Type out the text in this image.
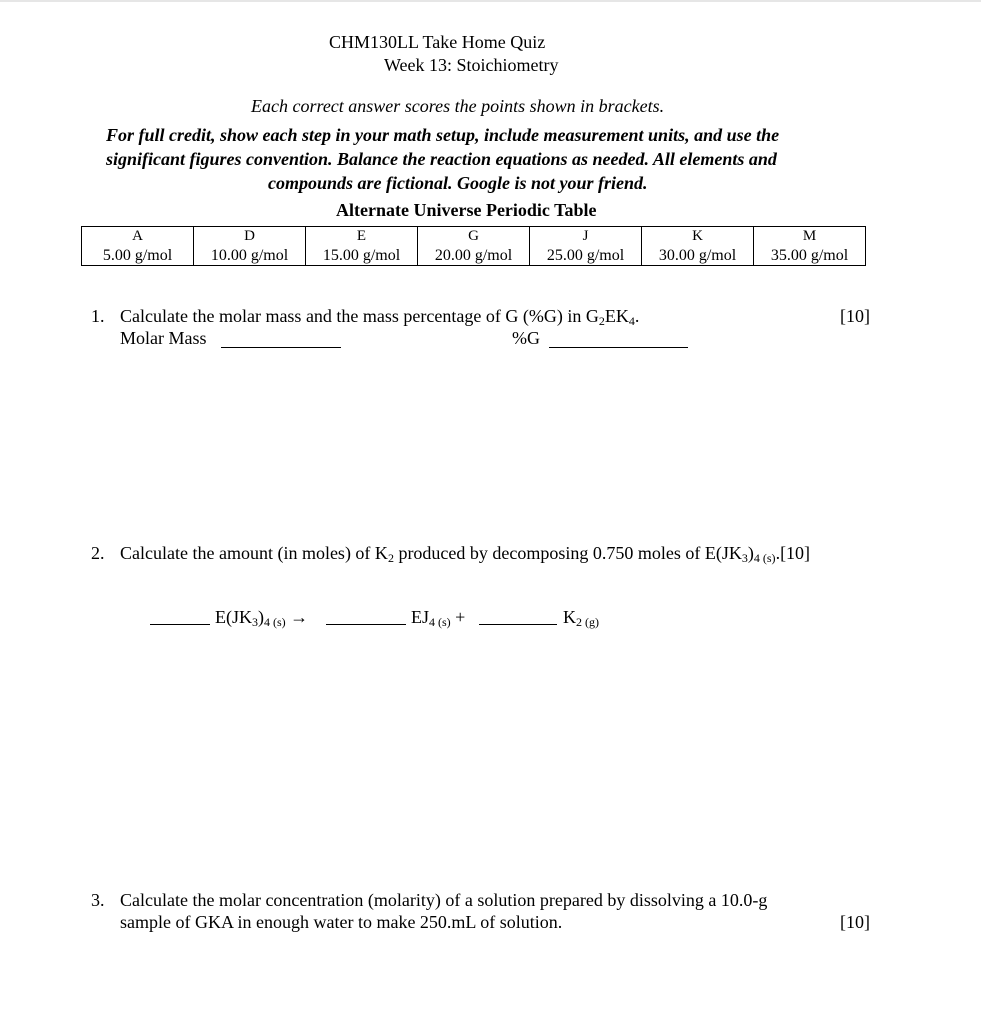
CHM130LL Take Home Quiz
Week 13: Stoichiometry
Each correct answer scores the points shown in brackets.
For full credit, show each step in your math setup, include measurement units, and use the
significant figures convention. Balance the reaction equations as needed. All elements and
compounds are fictional. Google is not your friend.
Alternate Universe Periodic Table
A	D	E	G	J	K	M
5.00 g/mol	10.00 g/mol	15.00 g/mol	20.00 g/mol	25.00 g/mol	30.00 g/mol	35.00 g/mol
1. Calculate the molar mass and the mass percentage of G (%G) in $G_2EK_4$.	[10]
Molar Mass	%G
2. Calculate the amount (in moles) of $K_2$ produced by decomposing 0.750 moles of $E(JK_3)_{4 (s)}.[10]$
$E(JK_3)_{4 (s)}$ →	$EJ_{4 (s)}$ +	$K_{2 (g)}$
3. Calculate the molar concentration (molarity) of a solution prepared by dissolving a 10.0-g
sample of GKA in enough water to make 250.mL of solution.	[10]
